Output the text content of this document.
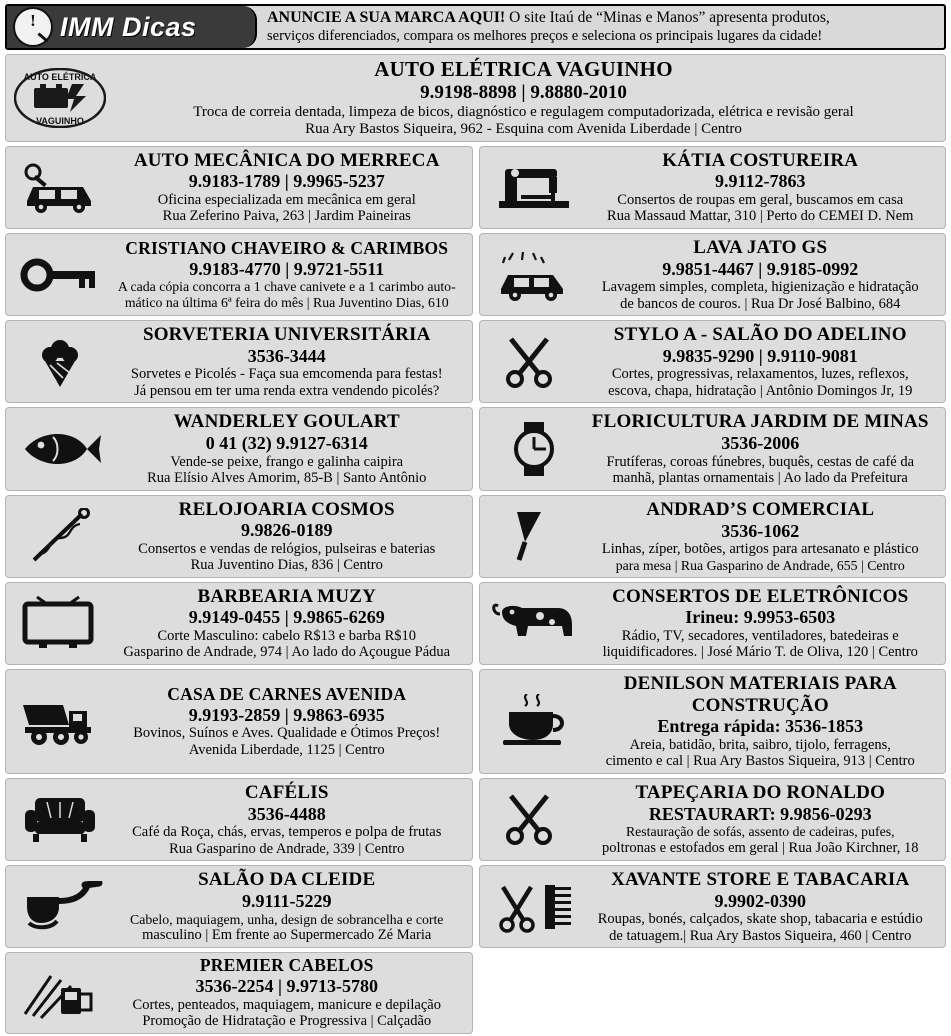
! IMM Dicas	ANUNCIE A SUA MARCA AQUI! O site Itaú de “Minas e Manos” apresenta produtos,
serviços diferenciados, compara os melhores preços e seleciona os principais lugares da cidade!
AUTO ELÉTRICA
VAGUINHO
AUTO ELÉTRICA VAGUINHO
9.9198-8898 | 9.8880-2010
Troca de correia dentada, limpeza de bicos, diagnóstico e regulagem computadorizada, elétrica e revisão geral
Rua Ary Bastos Siqueira, 962 - Esquina com Avenida Liberdade | Centro
AUTO MECÂNICA DO MERRECA
9.9183-1789 | 9.9965-5237
Oficina especializada em mecânica em geral
Rua Zeferino Paiva, 263 | Jardim Paineiras
KÁTIA COSTUREIRA
9.9112-7863
Consertos de roupas em geral, buscamos em casa
Rua Massaud Mattar, 310 | Perto do CEMEI D. Nem
CRISTIANO CHAVEIRO & CARIMBOS
9.9183-4770 | 9.9721-5511
A cada cópia concorra a 1 chave canivete e a 1 carimbo auto-
mático na última 6ª feira do mês | Rua Juventino Dias, 610
LAVA JATO GS
9.9851-4467 | 9.9185-0992
Lavagem simples, completa, higienização e hidratação
de bancos de couros. | Rua Dr José Balbino, 684
SORVETERIA UNIVERSITÁRIA
3536-3444
Sorvetes e Picolés - Faça sua emcomenda para festas!
Já pensou em ter uma renda extra vendendo picolés?
STYLO A - SALÃO DO ADELINO
9.9835-9290 | 9.9110-9081
Cortes, progressivas, relaxamentos, luzes, reflexos,
escova, chapa, hidratação | Antônio Domingos Jr, 19
WANDERLEY GOULART
0 41 (32) 9.9127-6314
Vende-se peixe, frango e galinha caipira
Rua Elísio Alves Amorim, 85-B | Santo Antônio
FLORICULTURA JARDIM DE MINAS
3536-2006
Frutíferas, coroas fúnebres, buquês, cestas de café da
manhã, plantas ornamentais | Ao lado da Prefeitura
RELOJOARIA COSMOS
9.9826-0189
Consertos e vendas de relógios, pulseiras e baterias
Rua Juventino Dias, 836 | Centro
ANDRAD’S COMERCIAL
3536-1062
Linhas, zíper, botões, artigos para artesanato e plástico
para mesa | Rua Gasparino de Andrade, 655 | Centro
BARBEARIA MUZY
9.9149-0455 | 9.9865-6269
Corte Masculino: cabelo R$13 e barba R$10
Gasparino de Andrade, 974 | Ao lado do Açougue Pádua
CONSERTOS DE ELETRÔNICOS
Irineu: 9.9953-6503
Rádio, TV, secadores, ventiladores, batedeiras e
liquidificadores. | José Mário T. de Oliva, 120 | Centro
CASA DE CARNES AVENIDA
9.9193-2859 | 9.9863-6935
Bovinos, Suínos e Aves. Qualidade e Ótimos Preços!
Avenida Liberdade, 1125 | Centro
DENILSON MATERIAIS PARA CONSTRUÇÃO
Entrega rápida: 3536-1853
Areia, batidão, brita, saibro, tijolo, ferragens,
cimento e cal | Rua Ary Bastos Siqueira, 913 | Centro
CAFÉLIS
3536-4488
Café da Roça, chás, ervas, temperos e polpa de frutas
Rua Gasparino de Andrade, 339 | Centro
TAPEÇARIA DO RONALDO
RESTAURART: 9.9856-0293
Restauração de sofás, assento de cadeiras, pufes,
poltronas e estofados em geral | Rua João Kirchner, 18
SALÃO DA CLEIDE
9.9111-5229
Cabelo, maquiagem, unha, design de sobrancelha e corte
masculino | Em frente ao Supermercado Zé Maria
XAVANTE STORE E TABACARIA
9.9902-0390
Roupas, bonés, calçados, skate shop, tabacaria e estúdio
de tatuagem.| Rua Ary Bastos Siqueira, 460 | Centro
PREMIER CABELOS
3536-2254 | 9.9713-5780
Cortes, penteados, maquiagem, manicure e depilação
Promoção de Hidratação e Progressiva | Calçadão
